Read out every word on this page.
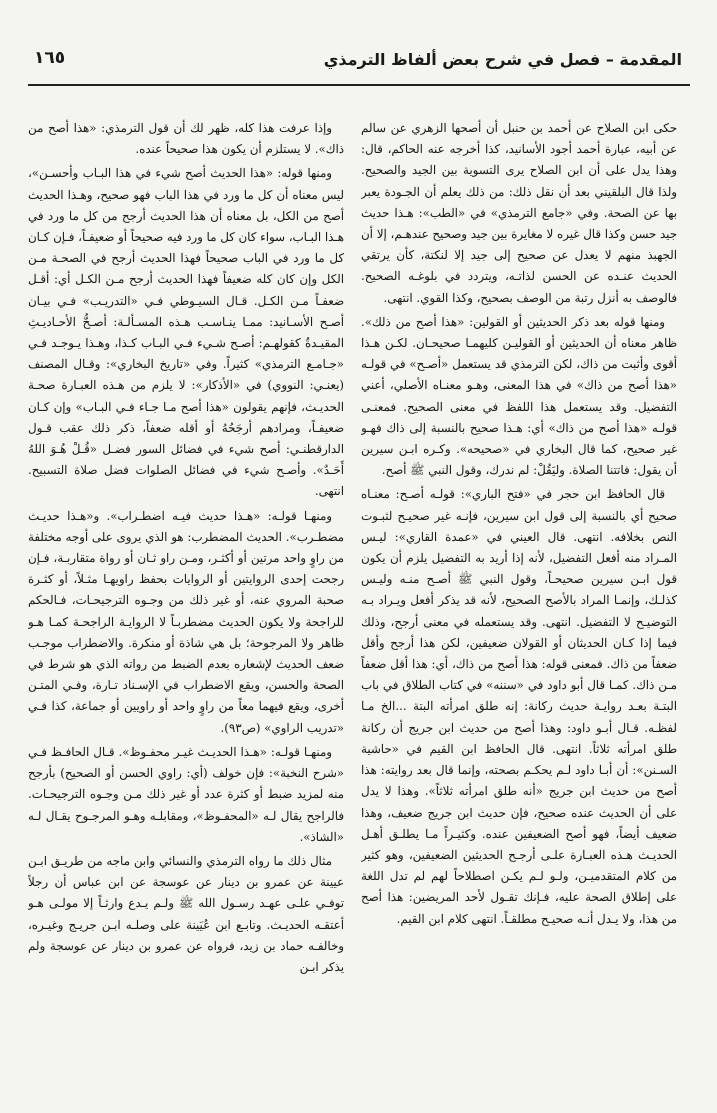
المقدمة – فصل في شرح بعض ألفاظ الترمذي
١٦٥

حكى ابن الصلاح عن أحمد بن حنبل أن أصحها الزهري عن سالم عن أبيه، عبارة أحمد أجود الأسانيد، كذا أخرجه عنه الحاكم، قال: وهذا يدل على أن ابن الصلاح يرى التسوية بين الجيد والصحيح. ولذا قال البلقيني بعد أن نقل ذلك: من ذلك يعلم أن الجـودة يعبر بها عن الصحة. وفي «جامع الترمذي» في «الطب»: هـذا حديث جيد حسن وكذا قال غيره لا مغايرة بين جيد وصحيح عندهـم، إلا أن الجهبذ منهم لا يعدل عن صحيح إلى جيد إلا لنكتة، كأن يرتقي الحديث عنـده عن الحسن لذاتـه، ويتردد في بلوغـه الصحيح. فالوصف به أنزل رتبة من الوصف بصحيح، وكذا القوي. انتهى.

ومنها قوله بعد ذكر الحديثين أو القولين: «هذا أصح من ذلك». ظاهر معناه أن الحديثين أو القوليـن كليهمـا صحيحـان. لكـن هـذا أقوى وأثبت من ذاك، لكن الترمذي قد يستعمل «أصـح» في قولـه «هذا أصح من ذاك» في هذا المعنى، وهـو معنـاه الأصلي، أعني التفضيل. وقد يستعمل هذا اللفظ في معنى الصحيح. فمعنـى قولـه «هذا أصح من ذاك» أي: هـذا صحيح بالنسبة إلى ذاك فهـو غير صحيح، كما قال البخاري في «صحيحه». وكـره ابـن سيرين أن يقول: فاتتنا الصلاة. وليَقُلْ: لم ندرك، وقول النبي ﷺ أصح.

قال الحافظ ابن حجر في «فتح الباري»: قولـه أصـح: معنـاه صحيح أي بالنسبة إلى قول ابن سيرين، فإنـه غير صحيـح لثبـوت النص بخلافه. انتهى. قال العيني في «عمدة القاري»: ليـس المـراد منه أفعل التفضيل، لأنه إذا أريد به التفضيل يلزم أن يكون قول ابـن سيرين صحيحـاً، وقول النبي ﷺ أصـح منـه وليـس كذلـك، وإنمـا المراد بالأصح الصحيح، لأنه قد يذكر أفعل ويـراد بـه التوضيـح لا التفضيل. انتهى. وقد يستعمله في معنى أرجح، وذلك فيما إذا كـان الحديثان أو القولان ضعيفين، لكن هذا أرجح وأقل ضعفاً من ذاك. فمعنى قوله: هذا أصح من ذاك، أي: هذا أقل ضعفاً مـن ذاك. كمـا قال أبو داود في «سننه» في كتاب الطلاق في باب البتـة بعـد روايـة حديث ركانة: إنه طلق امرأته البتة ...الخ مـا لفظـه. قـال أبـو داود: وهذا أصح من حديث ابن جريج أن ركانة طلق امرأته ثلاثاً. انتهى. قال الحافظ ابن القيم في «حاشية السـنن»: أن أبـا داود لـم يحكـم بصحته، وإنما قال بعد روايته: هذا أصح من حديث ابن جريج «أنه طلق امرأته ثلاثاً». وهذا لا يدل على أن الحديث عنده صحيح، فإن حديث ابن جريج ضعيف، وهذا ضعيف أيضاً، فهو أصح الضعيفين عنده. وكثيـراً مـا يطلـق أهـل الحديـث هـذه العبـارة علـى أرجـح الحديثين الضعيفين، وهو كثير من كلام المتقدميـن، ولـو لـم يكـن اصطلاحاً لهم لم تدل اللغة على إطلاق الصحة عليه، فـإنك تقـول لأحد المريضين: هذا أصح من هذا، ولا يـدل أنـه صحيـح مطلقـاً. انتهى كلام ابن القيم.

وإذا عرفت هذا كله، ظهر لك أن قول الترمذي: «هذا أصح من ذاك». لا يستلزم أن يكون هذا صحيحاً عنده.

ومنها قوله: «هذا الحديث أصح شيء في هذا البـاب وأحسـن»، ليس معناه أن كل ما ورد في هذا الباب فهو صحيح، وهـذا الحديث أصح من الكل، بل معناه أن هذا الحديث أرجح من كل ما ورد في هـذا البـاب، سواء كان كل ما ورد فيه صحيحاً أو ضعيفـاً، فـإن كـان كل ما ورد في الباب صحيحاً فهذا الحديث أرجح في الصحـة مـن الكل وإن كان كله ضعيفاً فهذا الحديث أرجح مـن الكـل أي: أقـل ضعفـاً مـن الكـل. قـال السيـوطي فـي «التدريـب» فـي بيـان أصـح الأسـانيد: ممـا ينـاسـب هـذه المسـألـة: أصـحُّ الأحـاديـثِ المقيـدةُ كقولهـم: أصـح شـيء فـي البـاب كـذا، وهـذا يـوجـد فـي «جـامـع الترمذي» كثيراً. وفي «تاريخ البخاري»: وقـال المصنف (يعنـي: النووي) في «الأذكار»: لا يلزم من هـذه العبـارة صحـة الحديـث، فإنهم يقولون «هذا أصح مـا جـاء فـي البـاب» وإن كـان ضعيفـاً، ومرادهم أرجَحُهُ أو أقله ضعفاً، ذكر ذلك عقب قـول الدارقطنـي: أصح شيء في فضائل السور فضـل «قُـلْ هُـوَ اللهُ أَحَـدٌ». وأصـح شيء في فضائل الصلوات فضل صلاة التسبيح. انتهى.

ومنهـا قولـه: «هـذا حديث فيـه اضطـراب». و«هـذا حديـث مضطـرب». الحديث المضطرب: هو الذي يروى على أوجه مختلفة من راوٍ واحد مرتين أو أكثـر، ومـن راو ثـان أو رواة متقاربـة، فـإن رجحت إحدى الروايتين أو الروايات بحفظ راويهـا مثـلاً، أو كثـرة صحبة المروي عنه، أو غير ذلك من وجـوه الترجيحـات، فـالحكم للراجحة ولا يكون الحديث مضطربـاً لا الروايـة الراجحـة كمـا هـو ظاهر ولا المرجوحة؛ بل هي شاذة أو منكرة. والاضطراب موجـب ضعف الحديث لإشعاره بعدم الضبط من رواته الذي هو شرط في الصحة والحسن، ويقع الاضطراب في الإسـناد تـارة، وفـي المتـن أخرى، ويقع فيهما معاً من راوٍ واحد أو راويين أو جماعة، كذا فـي «تدريب الراوي» (ص٩٣).

ومنهـا قولـه: «هـذا الحديـث غيـر محفـوظ». قـال الحافـظ فـي «شرح النخبة»: فإن خولف (أي: راوي الحسن أو الصحيح) بأرجح منه لمزيد ضبط أو كثرة عدد أو غير ذلك مـن وجـوه الترجيحـات. فالراجح يقال لـه «المحفـوظ»، ومقابلـه وهـو المرجـوح يقـال لـه «الشاذ».

مثال ذلك ما رواه الترمذي والنسائي وابن ماجه من طريـق ابـن عيينة عن عمرو بن دينار عن عوسجة عن ابن عباس أن رجلاً توفـي علـى عهـد رسـول الله ﷺ ولـم يـدع وارثـاً إلا مولـى هـو أعتقـه الحديـث. وتابـع ابن عُيَينة على وصلـه ابـن جريـج وغيـره، وخالفـه حماد بن زيد، فرواه عن عمرو بن دينار عن عوسجة ولم يذكر ابـن
